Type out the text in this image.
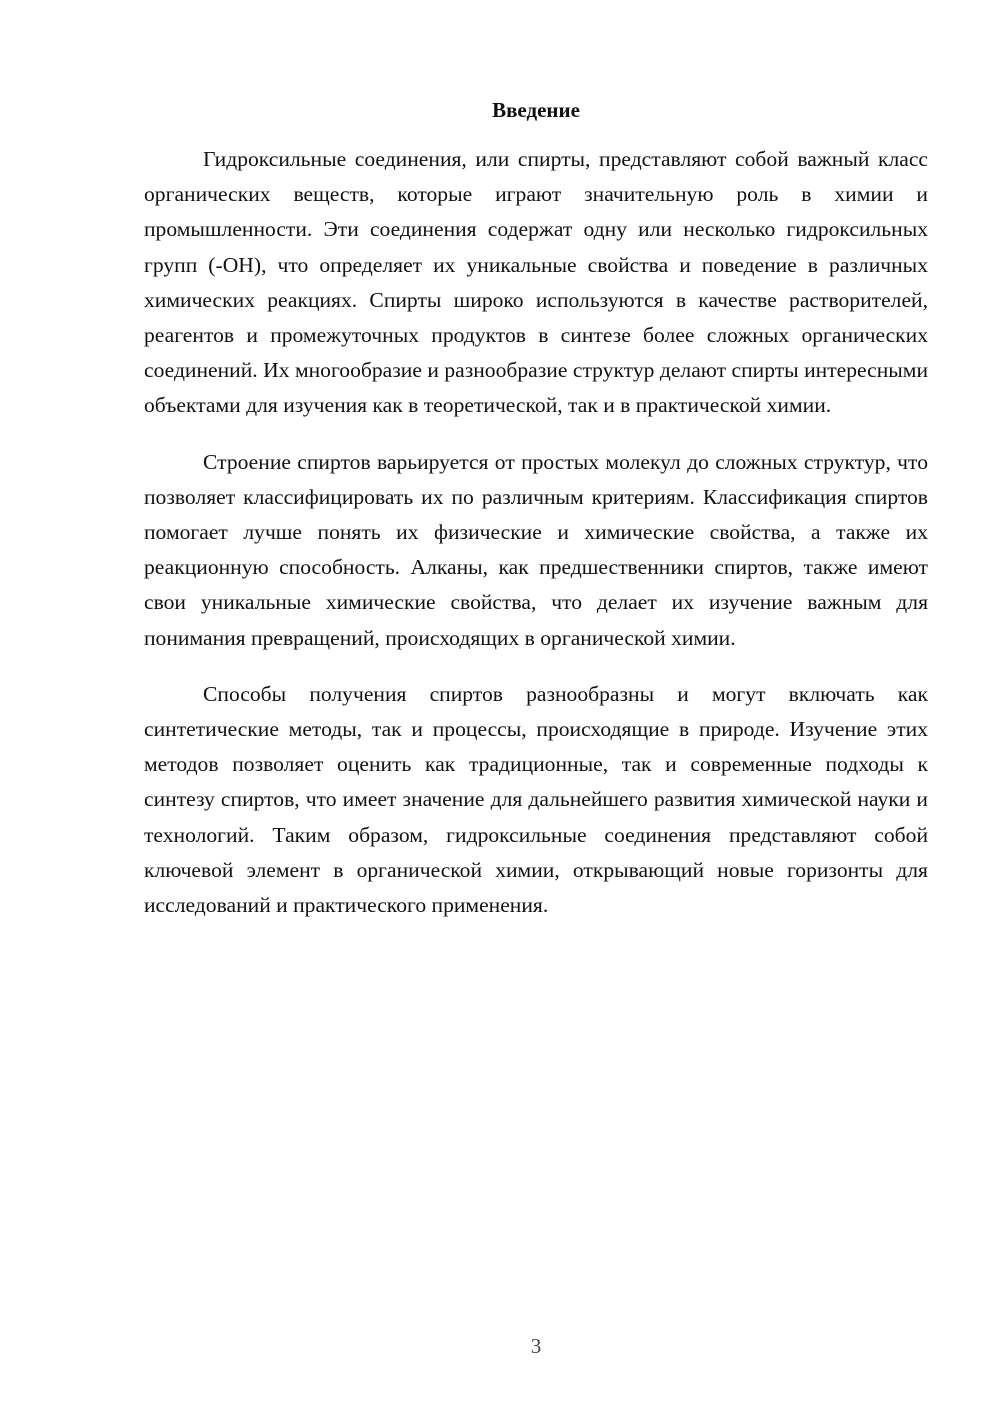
Введение

Гидроксильные соединения, или спирты, представляют собой важный класс органических веществ, которые играют значительную роль в химии и промышленности. Эти соединения содержат одну или несколько гидроксильных групп (-OH), что определяет их уникальные свойства и поведение в различных химических реакциях. Спирты широко используются в качестве растворителей, реагентов и промежуточных продуктов в синтезе более сложных органических соединений. Их многообразие и разнообразие структур делают спирты интересными объектами для изучения как в теоретической, так и в практической химии.

Строение спиртов варьируется от простых молекул до сложных структур, что позволяет классифицировать их по различным критериям. Классификация спиртов помогает лучше понять их физические и химические свойства, а также их реакционную способность. Алканы, как предшественники спиртов, также имеют свои уникальные химические свойства, что делает их изучение важным для понимания превращений, происходящих в органической химии.

Способы получения спиртов разнообразны и могут включать как синтетические методы, так и процессы, происходящие в природе. Изучение этих методов позволяет оценить как традиционные, так и современные подходы к синтезу спиртов, что имеет значение для дальнейшего развития химической науки и технологий. Таким образом, гидроксильные соединения представляют собой ключевой элемент в органической химии, открывающий новые горизонты для исследований и практического применения.

3
